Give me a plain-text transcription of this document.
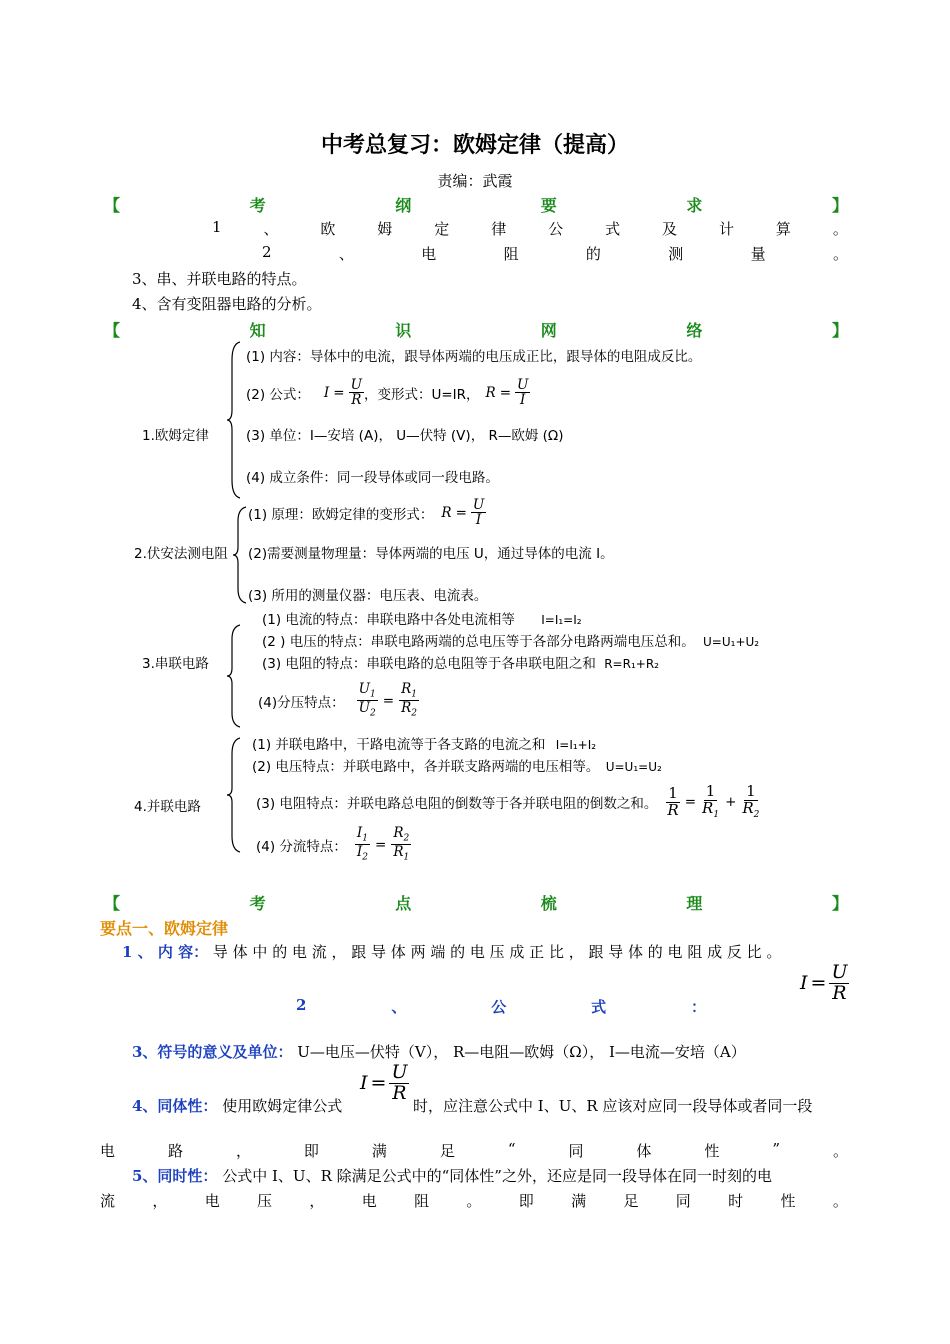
中考总复习：欧姆定律（提高）
责编：武霞
【	考	纲	要	求	】
1	、	欧	姆	定	律	公	式	及	计	算	。
2	、	电	阻	的	测	量	。
3、串、并联电路的特点。
4、含有变阻器电路的分析。
【	知	识	网	络	】
1.欧姆定律
(1) 内容：导体中的电流，跟导体两端的电压成正比，跟导体的电阻成反比。
(2) 公式： $I = \frac{U}{R}$ ，变形式：U=IR， $R = \frac{U}{I}$
(3) 单位：I—安培 (A)， U—伏特 (V)， R—欧姆 (Ω)
(4) 成立条件：同一段导体或同一段电路。
2.伏安法测电阻
(1) 原理：欧姆定律的变形式： $R = \frac{U}{I}$
(2)需要测量物理量：导体两端的电压 U，通过导体的电流 I。
(3) 所用的测量仪器：电压表、电流表。
3.串联电路
(1) 电流的特点：串联电路中各处电流相等 I=I₁=I₂
(2 ) 电压的特点：串联电路两端的总电压等于各部分电路两端电压总和。 U=U₁+U₂
(3) 电阻的特点：串联电路的总电阻等于各串联电阻之和 R=R₁+R₂
(4)分压特点： $\frac{U_1}{U_2} = \frac{R_1}{R_2}$
4.并联电路
(1) 并联电路中，干路电流等于各支路的电流之和 I=I₁+I₂
(2) 电压特点：并联电路中，各并联支路两端的电压相等。 U=U₁=U₂
(3) 电阻特点：并联电路总电阻的倒数等于各并联电阻的倒数之和。 $\frac{1}{R} = \frac{1}{R_1} + \frac{1}{R_2}$
(4) 分流特点： $\frac{I_1}{I_2} = \frac{R_2}{R_1}$
【	考	点	梳	理	】
要点一、欧姆定律
1 、 内 容： 导 体 中 的 电 流 ， 跟 导 体 两 端 的 电 压 成 正 比 ， 跟 导 体 的 电 阻 成 反 比 。
2	、	公	式	：
$I = \frac{U}{R}$
3、符号的意义及单位： U—电压—伏特（V）， R—电阻—欧姆（Ω）， I—电流—安培（A）
4、同体性： 使用欧姆定律公式
$I = \frac{U}{R}$
时，应注意公式中 I、U、R 应该对应同一段导体或者同一段
电	路	，	即	满	足	“	同	体	性	”	。
5、同时性： 公式中 I、U、R 除满足公式中的“同体性”之外，还应是同一段导体在同一时刻的电
流 ， 电 压 ， 电 阻 。 即 满 足 同 时 性 。
